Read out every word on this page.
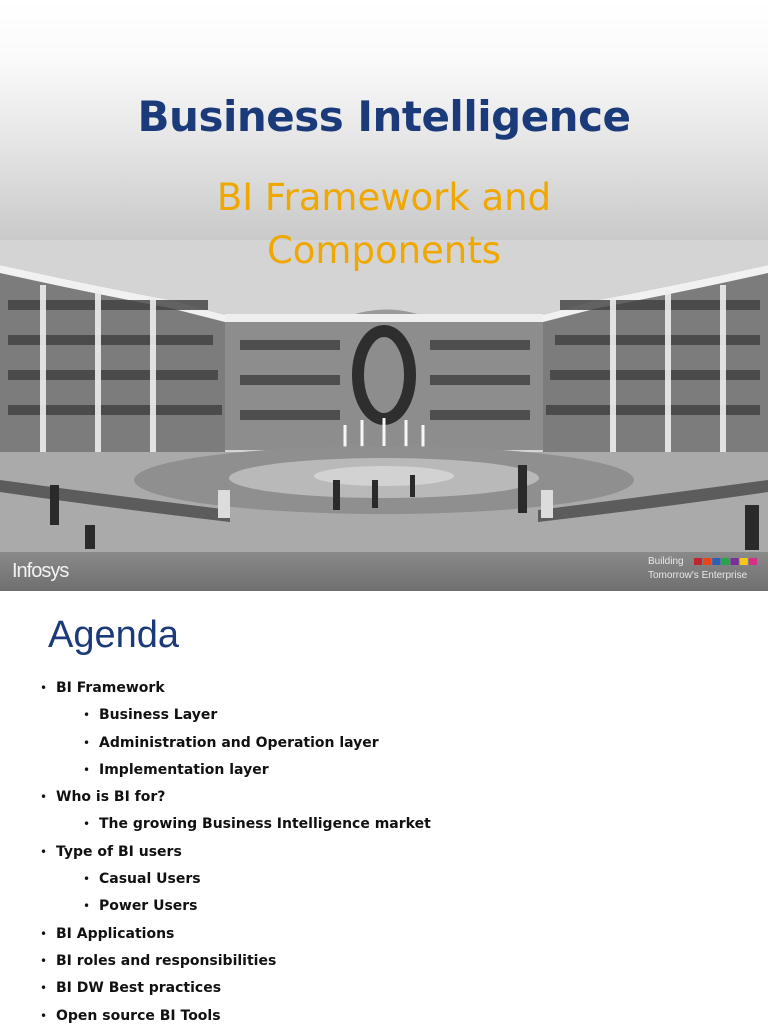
Business Intelligence
BI Framework and Components
Infosys	Building
Tomorrow's Enterprise
Agenda
• BI Framework
• Business Layer
• Administration and Operation layer
• Implementation layer
• Who is BI for?
• The growing Business Intelligence market
• Type of BI users
• Casual Users
• Power Users
• BI Applications
• BI roles and responsibilities
• BI DW Best practices
• Open source BI Tools
